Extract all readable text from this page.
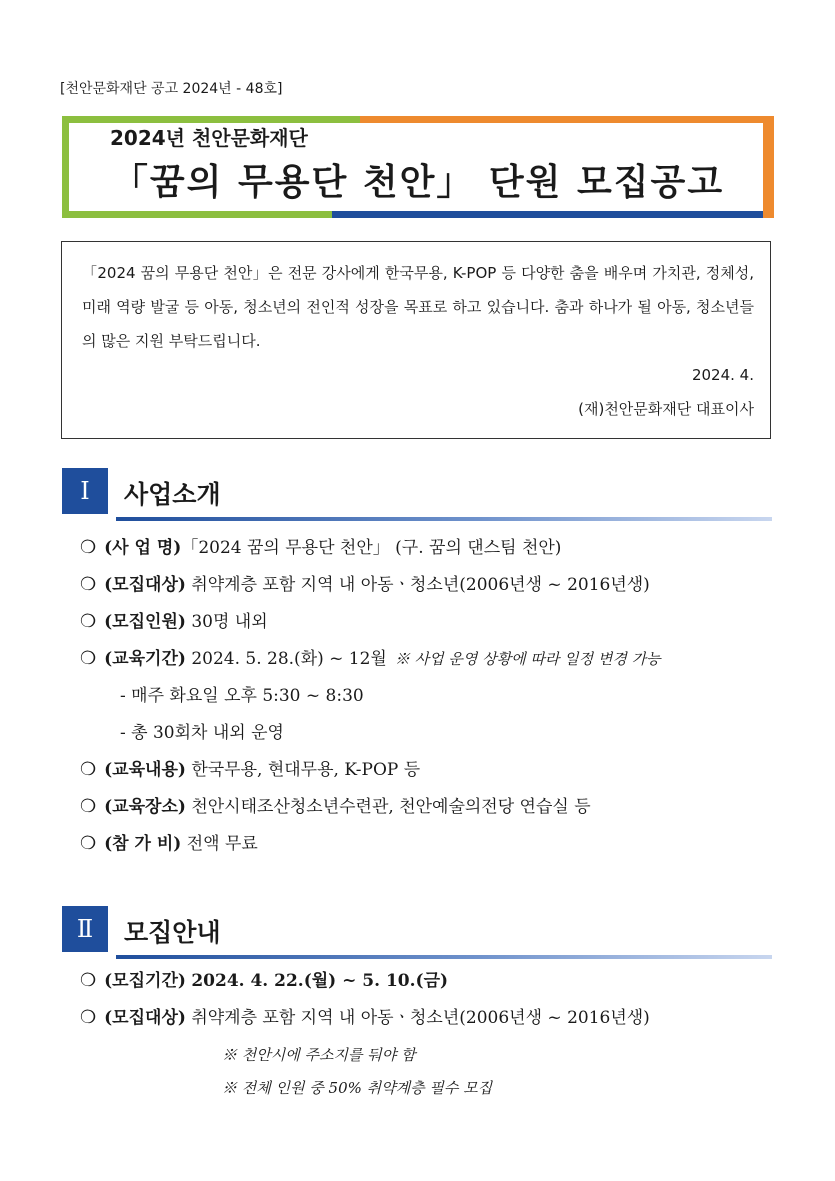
[천안문화재단 공고 2024년 - 48호]
2024년 천안문화재단
「꿈의 무용단 천안」 단원 모집공고
「2024 꿈의 무용단 천안」은 전문 강사에게 한국무용, K-POP 등 다양한 춤을 배우며 가치관, 정체성, 미래 역량 발굴 등 아동, 청소년의 전인적 성장을 목표로 하고 있습니다. 춤과 하나가 될 아동, 청소년들의 많은 지원 부탁드립니다.
2024. 4.
(재)천안문화재단 대표이사
Ⅰ	사업소개
❍ (사 업 명)「2024 꿈의 무용단 천안」 (구. 꿈의 댄스팀 천안)
❍ (모집대상) 취약계층 포함 지역 내 아동ㆍ청소년(2006년생 ~ 2016년생)
❍ (모집인원) 30명 내외
❍ (교육기간) 2024. 5. 28.(화) ~ 12월 ※ 사업 운영 상황에 따라 일정 변경 가능
- 매주 화요일 오후 5:30 ~ 8:30
- 총 30회차 내외 운영
❍ (교육내용) 한국무용, 현대무용, K-POP 등
❍ (교육장소) 천안시태조산청소년수련관, 천안예술의전당 연습실 등
❍ (참 가 비) 전액 무료
Ⅱ	모집안내
❍ (모집기간) 2024. 4. 22.(월) ~ 5. 10.(금)
❍ (모집대상) 취약계층 포함 지역 내 아동ㆍ청소년(2006년생 ~ 2016년생)
※ 천안시에 주소지를 둬야 함
※ 전체 인원 중 50% 취약계층 필수 모집
